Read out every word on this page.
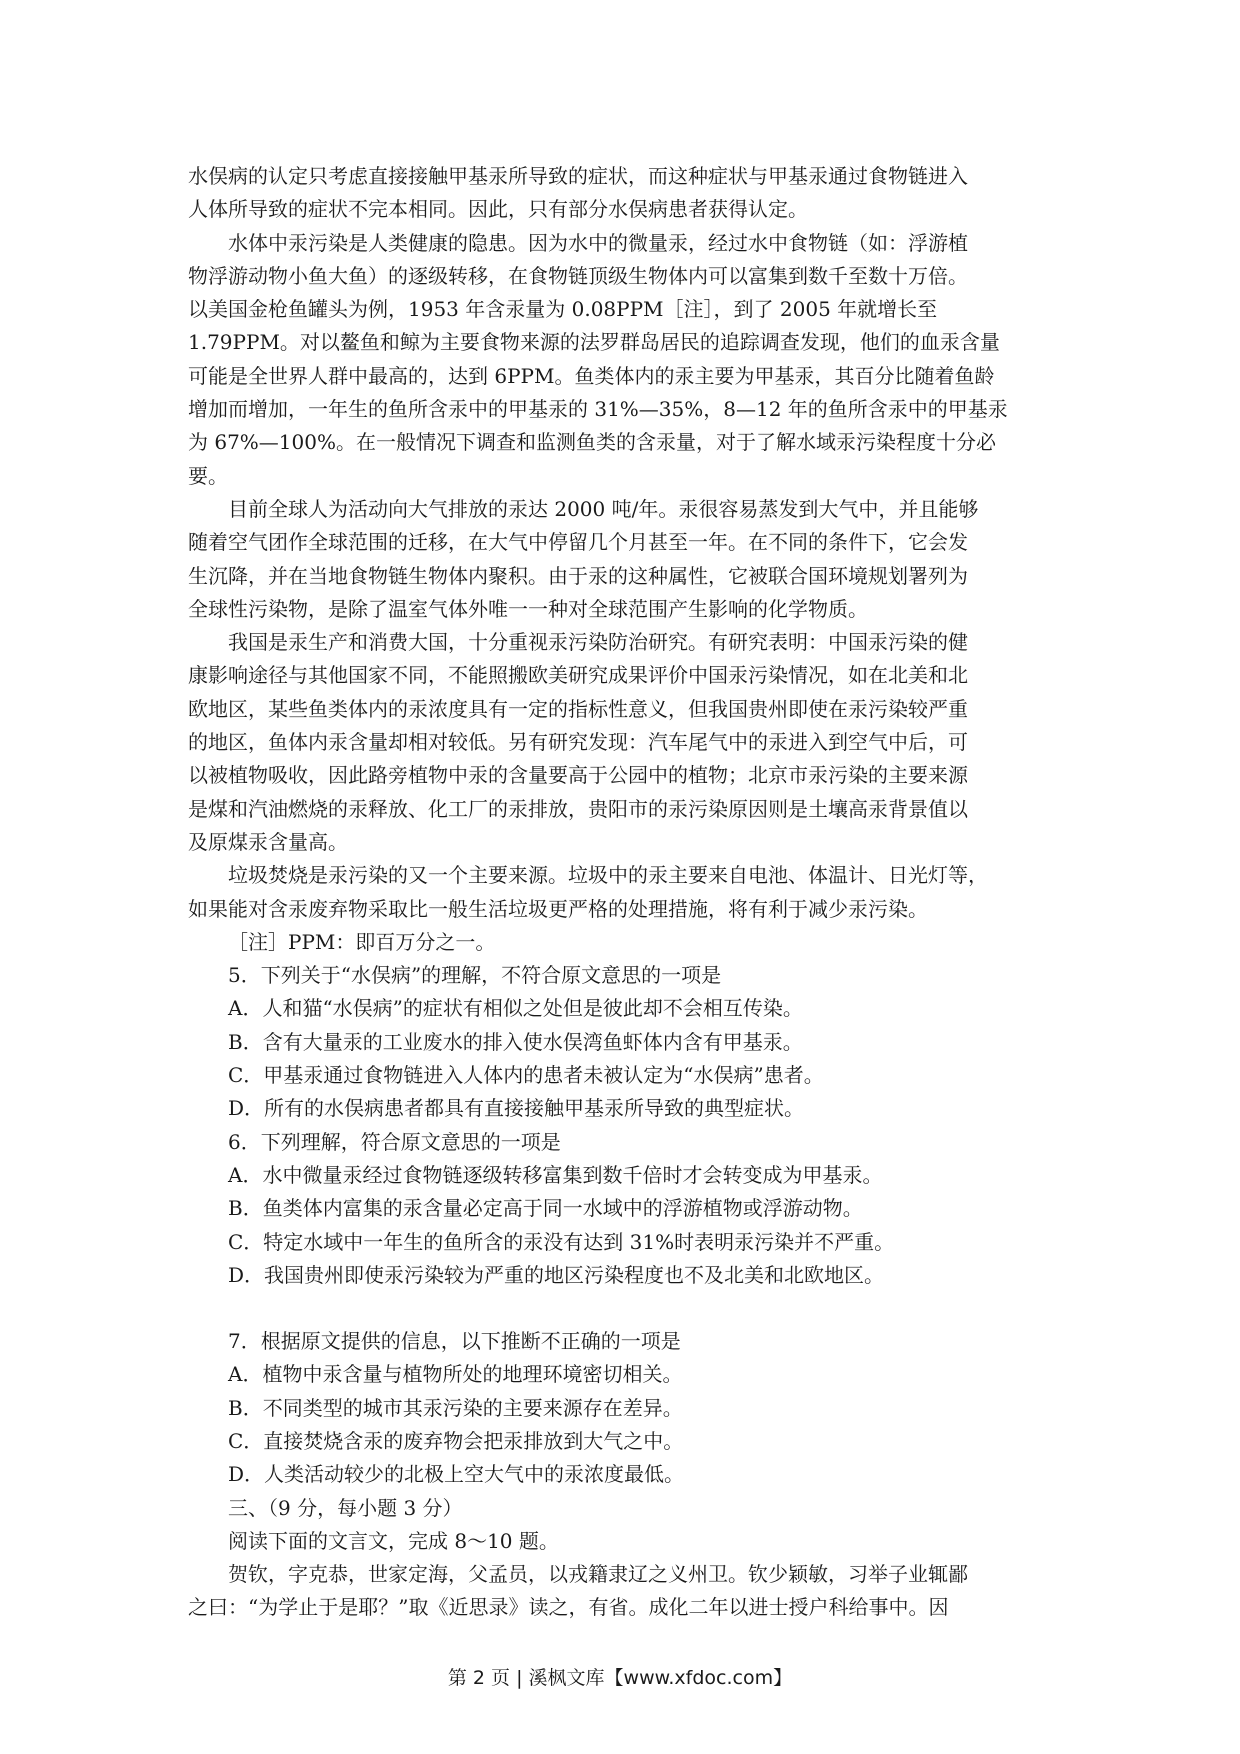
水俣病的认定只考虑直接接触甲基汞所导致的症状，而这种症状与甲基汞通过食物链进入
人体所导致的症状不完本相同。因此，只有部分水俣病患者获得认定。
水体中汞污染是人类健康的隐患。因为水中的微量汞，经过水中食物链（如：浮游植
物浮游动物小鱼大鱼）的逐级转移，在食物链顶级生物体内可以富集到数千至数十万倍。
以美国金枪鱼罐头为例，1953 年含汞量为 0.08PPM［注］，到了 2005 年就增长至
1.79PPM。对以鳌鱼和鲸为主要食物来源的法罗群岛居民的追踪调查发现，他们的血汞含量
可能是全世界人群中最高的，达到 6PPM。鱼类体内的汞主要为甲基汞，其百分比随着鱼龄
增加而增加，一年生的鱼所含汞中的甲基汞的 31%—35%，8—12 年的鱼所含汞中的甲基汞
为 67%—100%。在一般情况下调查和监测鱼类的含汞量，对于了解水域汞污染程度十分必
要。
目前全球人为活动向大气排放的汞达 2000 吨/年。汞很容易蒸发到大气中，并且能够
随着空气团作全球范围的迁移，在大气中停留几个月甚至一年。在不同的条件下，它会发
生沉降，并在当地食物链生物体内聚积。由于汞的这种属性，它被联合国环境规划署列为
全球性污染物，是除了温室气体外唯一一种对全球范围产生影响的化学物质。
我国是汞生产和消费大国，十分重视汞污染防治研究。有研究表明：中国汞污染的健
康影响途径与其他国家不同，不能照搬欧美研究成果评价中国汞污染情况，如在北美和北
欧地区，某些鱼类体内的汞浓度具有一定的指标性意义，但我国贵州即使在汞污染较严重
的地区，鱼体内汞含量却相对较低。另有研究发现：汽车尾气中的汞进入到空气中后，可
以被植物吸收，因此路旁植物中汞的含量要高于公园中的植物；北京市汞污染的主要来源
是煤和汽油燃烧的汞释放、化工厂的汞排放，贵阳市的汞污染原因则是土壤高汞背景值以
及原煤汞含量高。
垃圾焚烧是汞污染的又一个主要来源。垃圾中的汞主要来自电池、体温计、日光灯等，
如果能对含汞废弃物采取比一般生活垃圾更严格的处理措施，将有利于减少汞污染。
［注］PPM：即百万分之一。
5．下列关于“水俣病”的理解，不符合原文意思的一项是
A．人和猫“水俣病”的症状有相似之处但是彼此却不会相互传染。
B．含有大量汞的工业废水的排入使水俣湾鱼虾体内含有甲基汞。
C．甲基汞通过食物链进入人体内的患者未被认定为“水俣病”患者。
D．所有的水俣病患者都具有直接接触甲基汞所导致的典型症状。
6．下列理解，符合原文意思的一项是
A．水中微量汞经过食物链逐级转移富集到数千倍时才会转变成为甲基汞。
B．鱼类体内富集的汞含量必定高于同一水域中的浮游植物或浮游动物。
C．特定水域中一年生的鱼所含的汞没有达到 31%时表明汞污染并不严重。
D．我国贵州即使汞污染较为严重的地区污染程度也不及北美和北欧地区。
7．根据原文提供的信息，以下推断不正确的一项是
A．植物中汞含量与植物所处的地理环境密切相关。
B．不同类型的城市其汞污染的主要来源存在差异。
C．直接焚烧含汞的废弃物会把汞排放到大气之中。
D．人类活动较少的北极上空大气中的汞浓度最低。
三、（9 分，每小题 3 分）
阅读下面的文言文，完成 8～10 题。
贺钦，字克恭，世家定海，父孟员，以戎籍隶辽之义州卫。钦少颖敏，习举子业辄鄙
之曰：“为学止于是耶？”取《近思录》读之，有省。成化二年以进士授户科给事中。因
第 2 页 | 溪枫文库【www.xfdoc.com】
